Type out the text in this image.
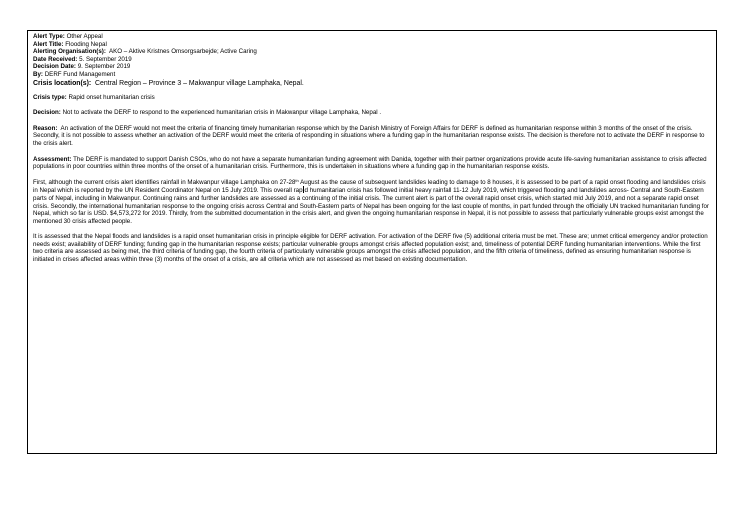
Alert Type: Other Appeal
Alert Title: Flooding Nepal
Alerting Organisation(s): AKO – Aktive Kristnes Omsorgsarbejde; Active Caring
Date Received: 5. September 2019
Decision Date: 9. September 2019
By: DERF Fund Management
Crisis location(s): Central Region – Province 3 – Makwanpur village Lamphaka, Nepal.

Crisis type: Rapid onset humanitarian crisis

Decision: Not to activate the DERF to respond to the experienced humanitarian crisis in Makwanpur village Lamphaka, Nepal .

Reason: An activation of the DERF would not meet the criteria of financing timely humanitarian response which by the Danish Ministry of Foreign Affairs for DERF is defined as humanitarian response within 3 months of the onset of the crisis. Secondly, it is not possible to assess whether an activation of the DERF would meet the criteria of responding in situations where a funding gap in the humanitarian response exists. The decision is therefore not to activate the DERF in response to the crisis alert.

Assessment: The DERF is mandated to support Danish CSOs, who do not have a separate humanitarian funding agreement with Danida, together with their partner organizations provide acute life-saving humanitarian assistance to crisis affected populations in poor countries within three months of the onset of a humanitarian crisis. Furthermore, this is undertaken in situations where a funding gap in the humanitarian response exists.

First, although the current crisis alert identifies rainfall in Makwanpur village Lamphaka on 27-28th August as the cause of subsequent landslides leading to damage to 8 houses, it is assessed to be part of a rapid onset flooding and landslides crisis in Nepal which is reported by the UN Resident Coordinator Nepal on 15 July 2019. This overall rap d humanitarian crisis has followed initial heavy rainfall 11-12 July 2019, which triggered flooding and landslides across- Central and South-Eastern parts of Nepal, including in Makwanpur. Continuing rains and further landslides are assessed as a continuing of the initial crisis. The current alert is part of the overall rapid onset crisis, which started mid July 2019, and not a separate rapid onset crisis. Secondly, the international humanitarian response to the ongoing crisis across Central and South-Eastern parts of Nepal has been ongoing for the last couple of months, in part funded through the officially UN tracked humanitarian funding for Nepal, which so far is USD. $4,573,272 for 2019. Thirdly, from the submitted documentation in the crisis alert, and given the ongoing humanitarian response in Nepal, it is not possible to assess that particularly vulnerable groups exist amongst the mentioned 30 crisis affected people.

It is assessed that the Nepal floods and landslides is a rapid onset humanitarian crisis in principle eligible for DERF activation. For activation of the DERF five (5) additional criteria must be met. These are; unmet critical emergency and/or protection needs exist; availability of DERF funding; funding gap in the humanitarian response exists; particular vulnerable groups amongst crisis affected population exist; and, timeliness of potential DERF funding humanitarian interventions. While the first two criteria are assessed as being met, the third criteria of funding gap, the fourth criteria of particularly vulnerable groups amongst the crisis affected population, and the fifth criteria of timeliness, defined as ensuring humanitarian response is initiated in crises affected areas within three (3) months of the onset of a crisis, are all criteria which are not assessed as met based on existing documentation.
